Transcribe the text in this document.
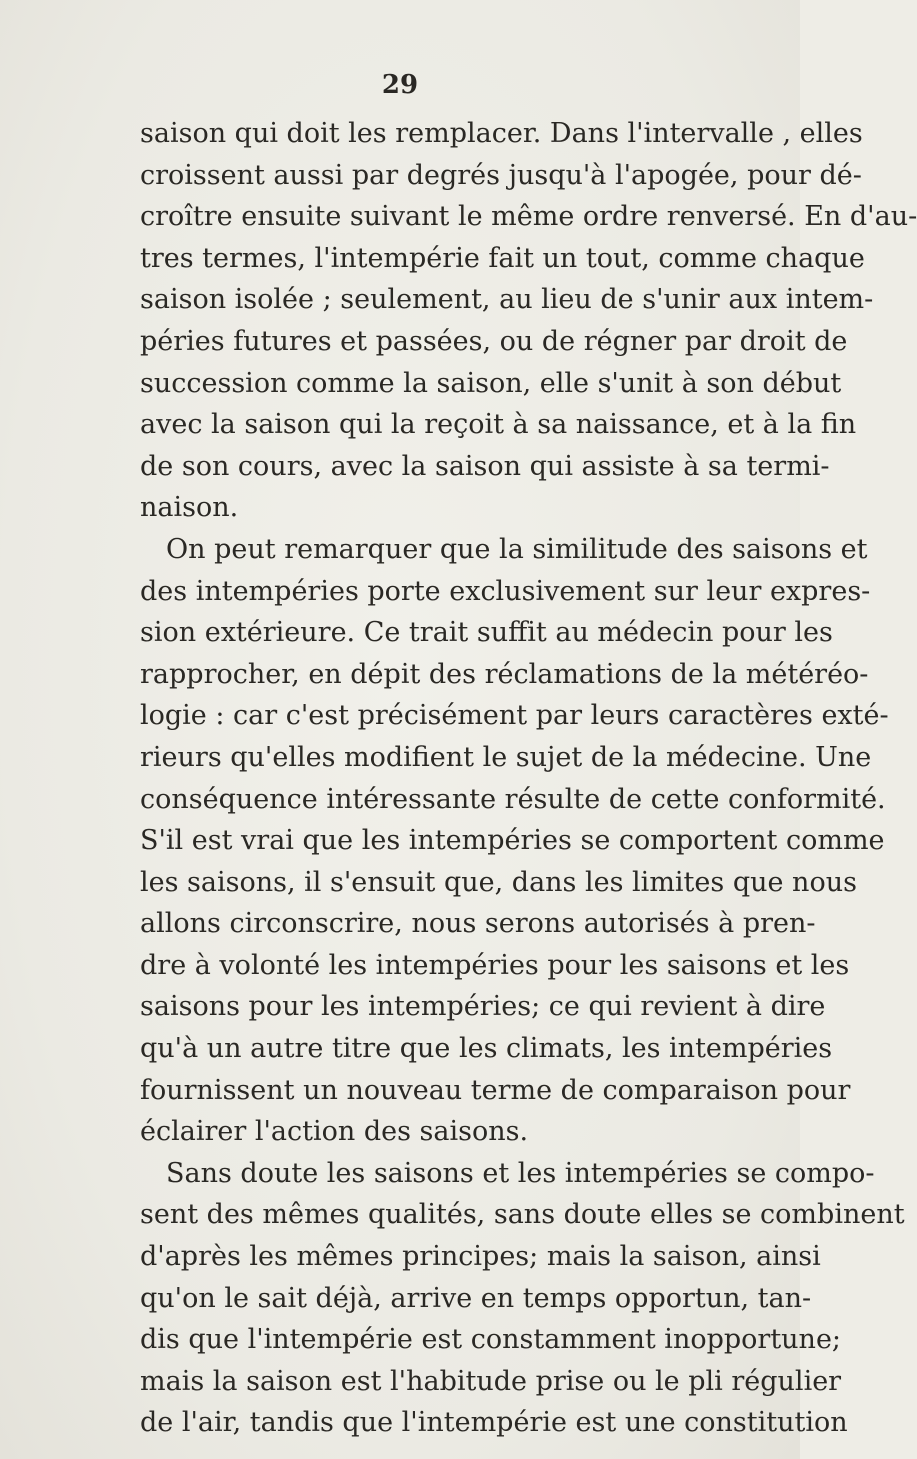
29
saison qui doit les remplacer. Dans l'intervalle , elles
croissent aussi par degrés jusqu'à l'apogée, pour dé-
croître ensuite suivant le même ordre renversé. En d'au-
tres termes, l'intempérie fait un tout, comme chaque
saison isolée ; seulement, au lieu de s'unir aux intem-
péries futures et passées, ou de régner par droit de
succession comme la saison, elle s'unit à son début
avec la saison qui la reçoit à sa naissance, et à la fin
de son cours, avec la saison qui assiste à sa termi-
naison.
On peut remarquer que la similitude des saisons et
des intempéries porte exclusivement sur leur expres-
sion extérieure. Ce trait suffit au médecin pour les
rapprocher, en dépit des réclamations de la météréo-
logie : car c'est précisément par leurs caractères exté-
rieurs qu'elles modifient le sujet de la médecine. Une
conséquence intéressante résulte de cette conformité.
S'il est vrai que les intempéries se comportent comme
les saisons, il s'ensuit que, dans les limites que nous
allons circonscrire, nous serons autorisés à pren-
dre à volonté les intempéries pour les saisons et les
saisons pour les intempéries; ce qui revient à dire
qu'à un autre titre que les climats, les intempéries
fournissent un nouveau terme de comparaison pour
éclairer l'action des saisons.
Sans doute les saisons et les intempéries se compo-
sent des mêmes qualités, sans doute elles se combinent
d'après les mêmes principes; mais la saison, ainsi
qu'on le sait déjà, arrive en temps opportun, tan-
dis que l'intempérie est constamment inopportune;
mais la saison est l'habitude prise ou le pli régulier
de l'air, tandis que l'intempérie est une constitution
